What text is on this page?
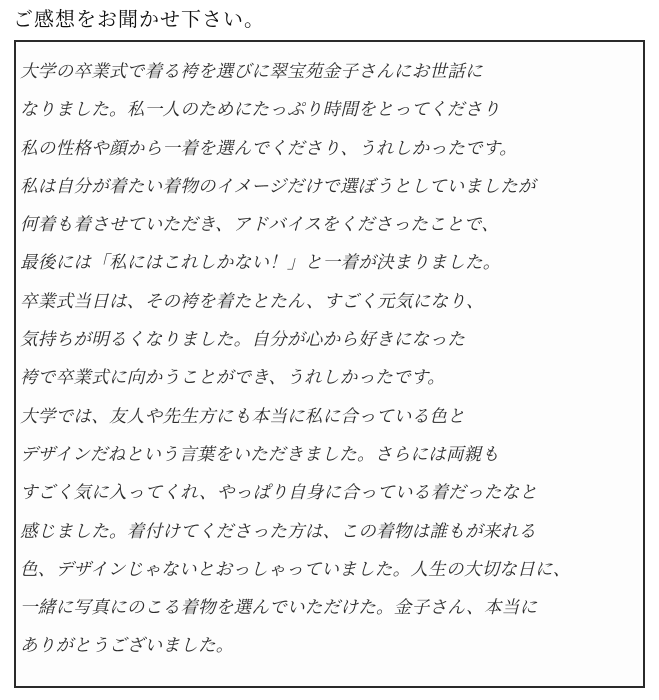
ご感想をお聞かせ下さい。
大学の卒業式で着る袴を選びに翠宝苑金子さんにお世話に
なりました。私一人のためにたっぷり時間をとってくださり
私の性格や顔から一着を選んでくださり、うれしかったです。
私は自分が着たい着物のイメージだけで選ぼうとしていましたが
何着も着させていただき、アドバイスをくださったことで、
最後には「私にはこれしかない！」と一着が決まりました。
卒業式当日は、その袴を着たとたん、すごく元気になり、
気持ちが明るくなりました。自分が心から好きになった
袴で卒業式に向かうことができ、うれしかったです。
大学では、友人や先生方にも本当に私に合っている色と
デザインだねという言葉をいただきました。さらには両親も
すごく気に入ってくれ、やっぱり自身に合っている着だったなと
感じました。着付けてくださった方は、この着物は誰もが来れる
色、デザインじゃないとおっしゃっていました。人生の大切な日に、
一緒に写真にのこる着物を選んでいただけた。金子さん、本当に
ありがとうございました。
